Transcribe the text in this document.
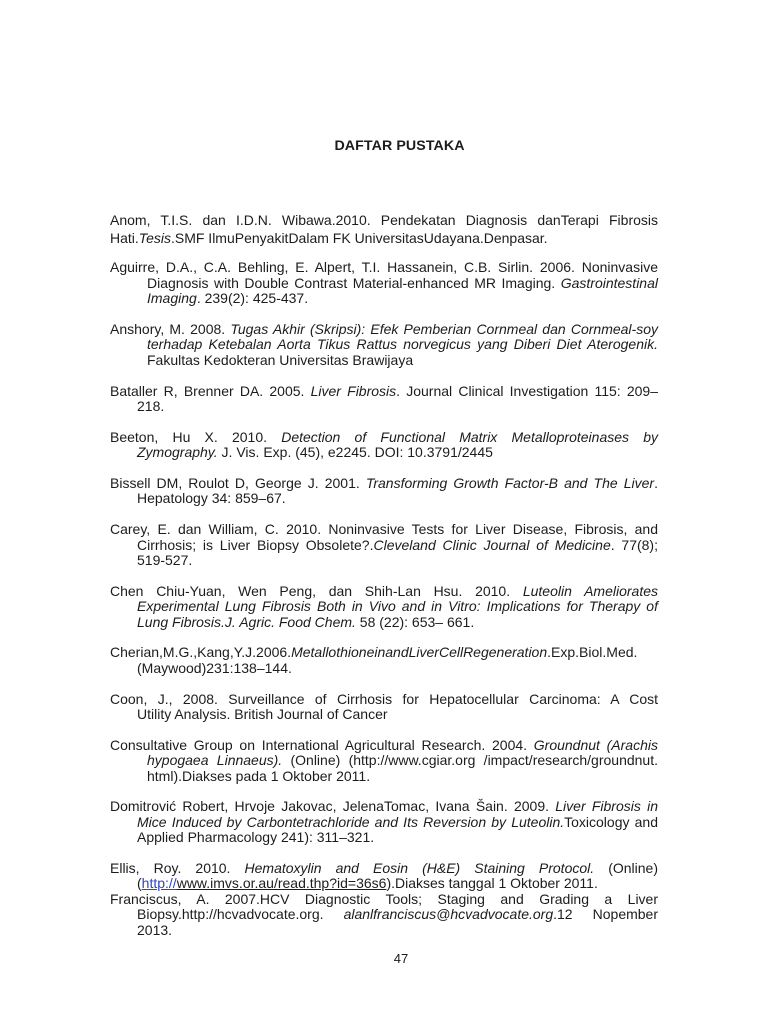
DAFTAR PUSTAKA
Anom, T.I.S. dan I.D.N. Wibawa.2010. Pendekatan Diagnosis danTerapi Fibrosis
Hati.Tesis.SMF IlmuPenyakitDalam FK UniversitasUdayana.Denpasar.
Aguirre, D.A., C.A. Behling, E. Alpert, T.I. Hassanein, C.B. Sirlin. 2006. Noninvasive
Diagnosis with Double Contrast Material-enhanced MR Imaging. Gastrointestinal
Imaging. 239(2): 425-437.
Anshory, M. 2008. Tugas Akhir (Skripsi): Efek Pemberian Cornmeal dan Cornmeal-soy
terhadap Ketebalan Aorta Tikus Rattus norvegicus yang Diberi Diet Aterogenik.
Fakultas Kedokteran Universitas Brawijaya
Bataller R, Brenner DA. 2005. Liver Fibrosis. Journal Clinical Investigation 115: 209–
218.
Beeton, Hu X. 2010. Detection of Functional Matrix Metalloproteinases by
Zymography. J. Vis. Exp. (45), e2245. DOI: 10.3791/2445
Bissell DM, Roulot D, George J. 2001. Transforming Growth Factor-B and The Liver.
Hepatology 34: 859–67.
Carey, E. dan William, C. 2010. Noninvasive Tests for Liver Disease, Fibrosis, and
Cirrhosis; is Liver Biopsy Obsolete?.Cleveland Clinic Journal of Medicine. 77(8);
519-527.
Chen Chiu-Yuan, Wen Peng, dan Shih-Lan Hsu. 2010. Luteolin Ameliorates
Experimental Lung Fibrosis Both in Vivo and in Vitro: Implications for Therapy of
Lung Fibrosis.J. Agric. Food Chem. 58 (22): 653– 661.
Cherian,M.G.,Kang,Y.J.2006.MetallothioneinandLiverCellRegeneration.Exp.Biol.Med.
(Maywood)231:138–144.
Coon, J., 2008. Surveillance of Cirrhosis for Hepatocellular Carcinoma: A Cost
Utility Analysis. British Journal of Cancer
Consultative Group on International Agricultural Research. 2004. Groundnut (Arachis
hypogaea Linnaeus). (Online) (http://www.cgiar.org /impact/research/groundnut.
html).Diakses pada 1 Oktober 2011.
Domitrović Robert, Hrvoje Jakovac, JelenaTomac, Ivana Šain. 2009. Liver Fibrosis in
Mice Induced by Carbontetrachloride and Its Reversion by Luteolin.Toxicology and
Applied Pharmacology 241): 311–321.
Ellis, Roy. 2010. Hematoxylin and Eosin (H&E) Staining Protocol. (Online)
(http://www.imvs.or.au/read.thp?id=36s6).Diakses tanggal 1 Oktober 2011.
Franciscus, A. 2007.HCV Diagnostic Tools; Staging and Grading a Liver
Biopsy.http://hcvadvocate.org. alanlfranciscus@hcvadvocate.org.12 Nopember
2013.
47
